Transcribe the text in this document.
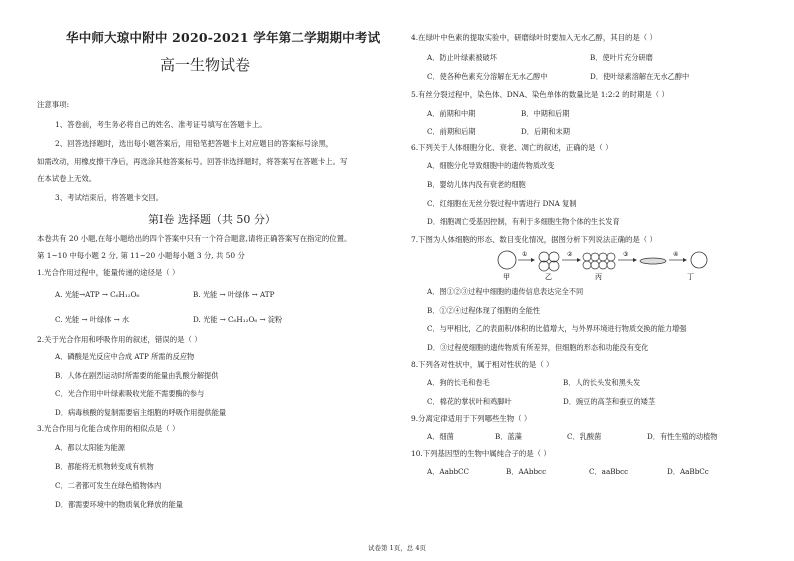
华中师大琼中附中 2020-2021 学年第二学期期中考试
高一生物试卷
注意事项:
1、答卷前，考生务必将自己的姓名、准考证号填写在答题卡上。
2、回答选择题时，选出每小题答案后，用铅笔把答题卡上对应题目的答案标号涂黑，
如需改动，用橡皮擦干净后，再选涂其他答案标号。回答非选择题时，将答案写在答题卡上。写
在本试卷上无效。
3、考试结束后，将答题卡交回。
第Ⅰ卷 选择题（共 50 分）
本卷共有 20 小题,在每小题给出的四个答案中只有一个符合题意,请将正确答案写在指定的位置。
第 1~10 中每小题 2 分, 第 11~20 小题每小题 3 分, 共 50 分
1.光合作用过程中，能量传递的途径是（ ）
A. 光能→ATP → C₆H₁₂O₆	B. 光能 → 叶绿体 → ATP
C. 光能 → 叶绿体 → 水	D. 光能 → C₆H₁₂O₆ → 淀粉
2.关于光合作用和呼吸作用的叙述，错误的是（ ）
A．磷酸是光反应中合成 ATP 所需的反应物
B．人体在剧烈运动时所需要的能量由乳酸分解提供
C．光合作用中叶绿素吸收光能不需要酶的参与
D．病毒核酸的复制需要宿主细胞的呼吸作用提供能量
3.光合作用与化能合成作用的相似点是（ ）
A．都以太阳能为能源
B．都能将无机物转变成有机物
C．二者都可发生在绿色植物体内
D．都需要环境中的物质氧化释放的能量
4.在绿叶中色素的提取实验中，研磨绿叶时要加入无水乙醇，其目的是（ ）
A．防止叶绿素被破坏	B．使叶片充分研磨
C．使各种色素充分溶解在无水乙醇中	D．使叶绿素溶解在无水乙醇中
5.有丝分裂过程中，染色体、DNA、染色单体的数量比是 1:2:2 的时期是（ ）
A．前期和中期	B．中期和后期
C．前期和后期	D．后期和末期
6.下列关于人体细胞分化、衰老、凋亡的叙述，正确的是（ ）
A．细胞分化导致细胞中的遗传物质改变
B．婴幼儿体内没有衰老的细胞
C．红细胞在无丝分裂过程中需进行 DNA 复制
D．细胞凋亡受基因控制，有利于多细胞生物个体的生长发育
7.下图为人体细胞的形态、数目变化情况，据图分析下列说法正确的是（ ）
①	②	③	④
甲	乙	丙	丁
A．图①②③过程中细胞的遗传信息表达完全不同
B．①②④过程体现了细胞的全能性
C．与甲相比，乙的表面积/体积的比值增大，与外界环境进行物质交换的能力增强
D．③过程使细胞的遗传物质有所差异，但细胞的形态和功能没有变化
8.下列各对性状中，属于相对性状的是（ ）
A．狗的长毛和卷毛	B．人的长头发和黑头发
C．棉花的掌状叶和鸡脚叶	D．豌豆的高茎和蚕豆的矮茎
9.分离定律适用于下列哪些生物（ ）
A．细菌	B．蓝藻	C．乳酸菌	D．有性生殖的动植物
10.下列基因型的生物中属纯合子的是（ ）
A．AabbCC	B．AAbbcc	C．aaBbcc	D．AaBbCc
试卷第 1页，总 4页
